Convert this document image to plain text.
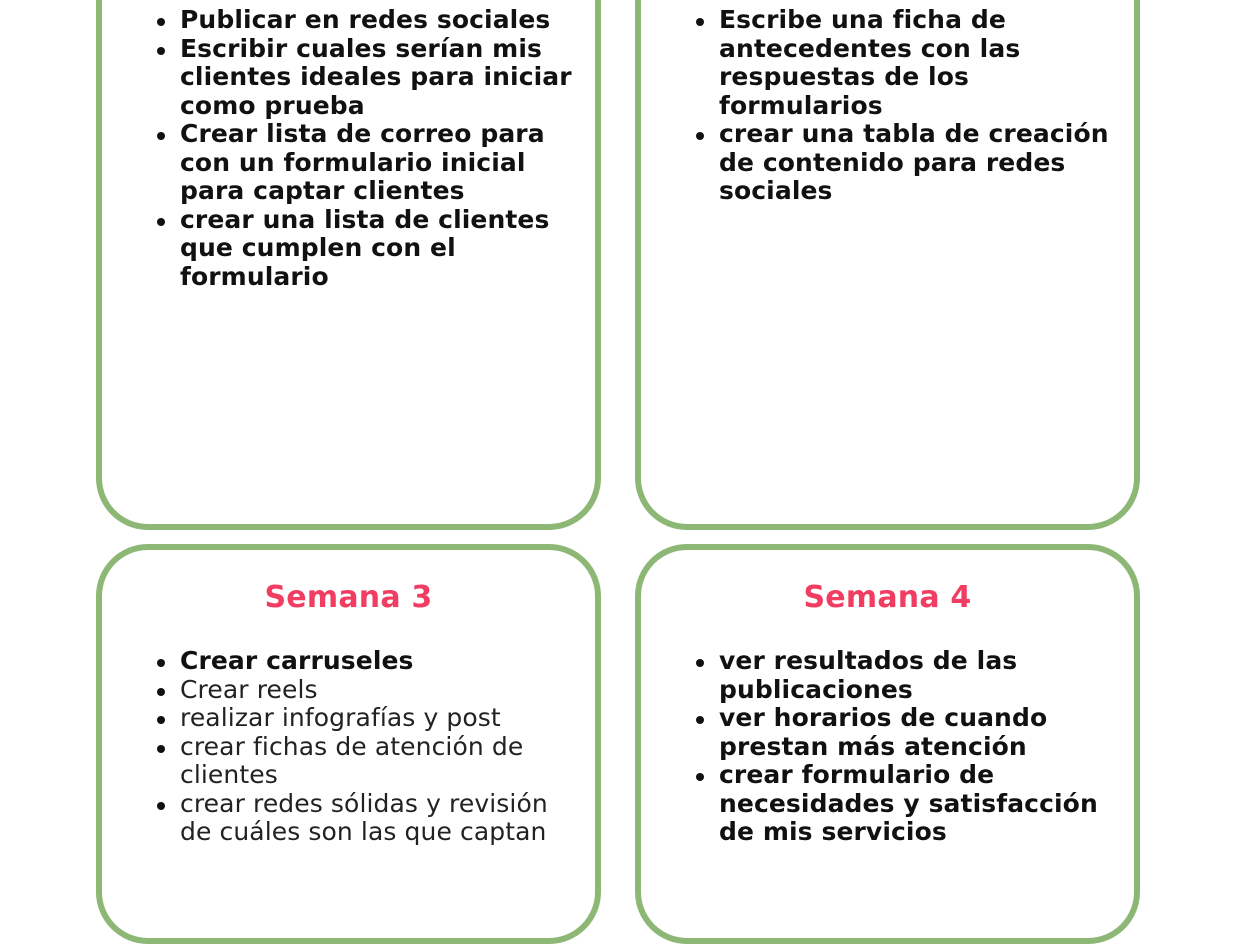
Publicar en redes sociales
Escribir cuales serían mis clientes ideales para iniciar como prueba
Crear lista de correo para con un formulario inicial para captar clientes
crear una lista de clientes que cumplen con el formulario
Escribe una ficha de antecedentes con las respuestas de los formularios
crear una tabla de creación de contenido para redes sociales
Semana 3
Crear carruseles
Crear reels
realizar infografías y post
crear fichas de atención de clientes
crear redes sólidas y revisión de cuáles son las que captan
Semana 4
ver resultados de las publicaciones
ver horarios de cuando prestan más atención
crear formulario de necesidades y satisfacción de mis servicios
